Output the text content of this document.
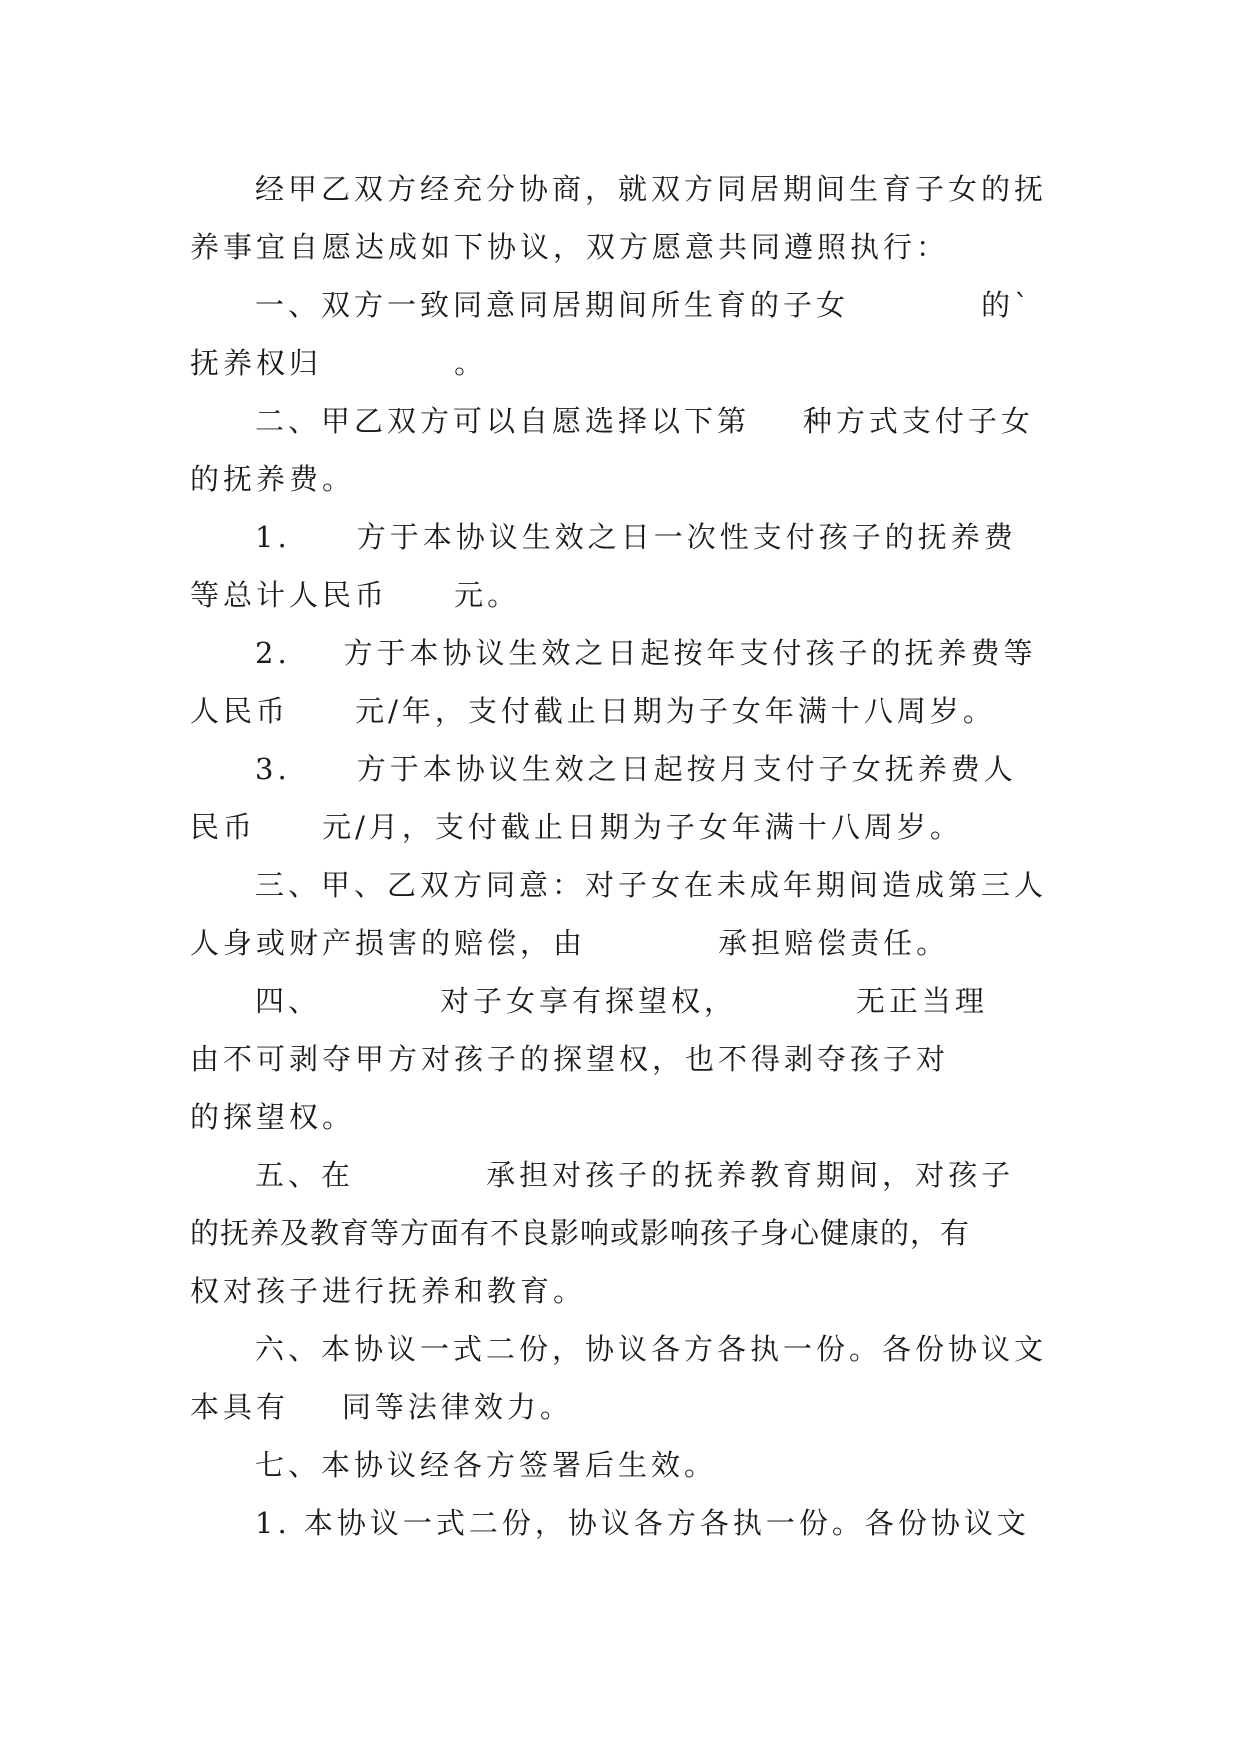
经甲乙双方经充分协商，就双方同居期间生育子女的抚
养事宜自愿达成如下协议，双方愿意共同遵照执行：
一、双方一致同意同居期间所生育的子女          的`
抚养权归          。
二、甲乙双方可以自愿选择以下第    种方式支付子女
的抚养费。
1.     方于本协议生效之日一次性支付孩子的抚养费
等总计人民币     元。
2.    方于本协议生效之日起按年支付孩子的抚养费等
人民币     元/年，支付截止日期为子女年满十八周岁。
3.     方于本协议生效之日起按月支付子女抚养费人
民币     元/月，支付截止日期为子女年满十八周岁。
三、甲、乙双方同意：对子女在未成年期间造成第三人
人身或财产损害的赔偿，由          承担赔偿责任。
四、         对子女享有探望权，         无正当理
由不可剥夺甲方对孩子的探望权，也不得剥夺孩子对
的探望权。
五、在          承担对孩子的抚养教育期间，对孩子
的抚养及教育等方面有不良影响或影响孩子身心健康的，有
权对孩子进行抚养和教育。
六、本协议一式二份，协议各方各执一份。各份协议文
本具有    同等法律效力。
七、本协议经各方签署后生效。
1. 本协议一式二份，协议各方各执一份。各份协议文
